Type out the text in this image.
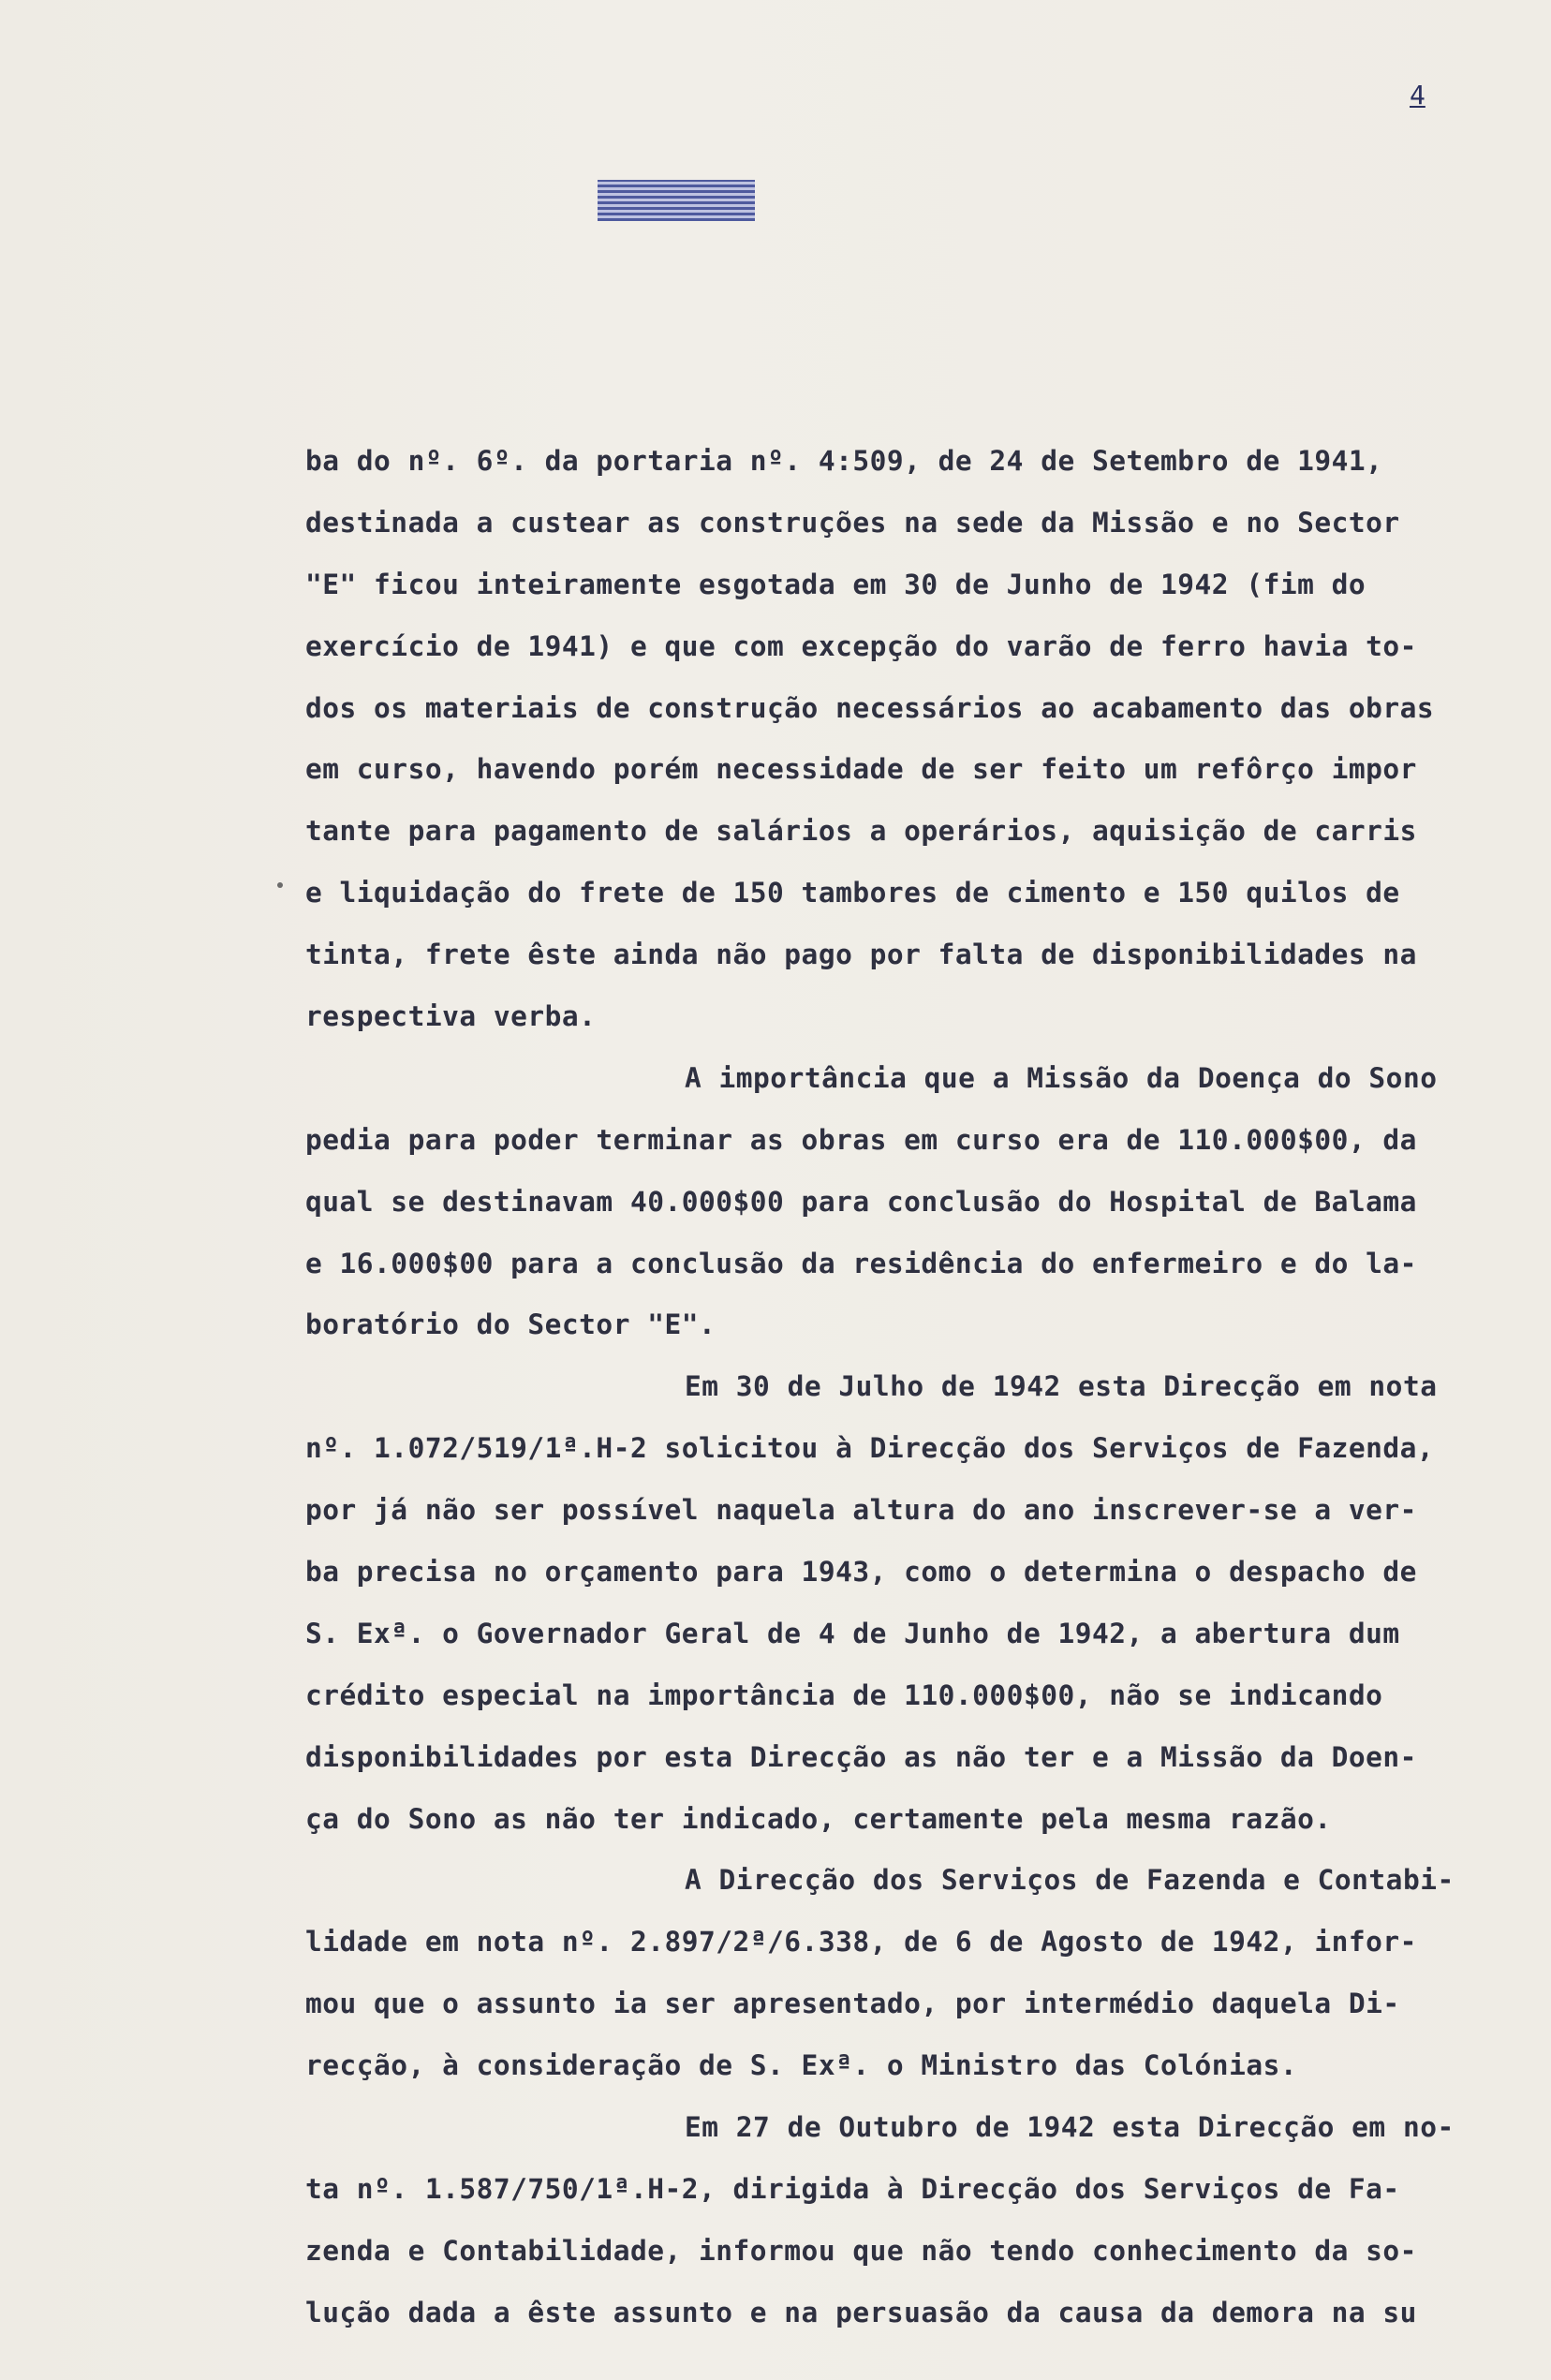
4
ba do nº. 6º. da portaria nº. 4:509, de 24 de Setembro de 1941,
destinada a custear as construções na sede da Missão e no Sector
"E" ficou inteiramente esgotada em 30 de Junho de 1942 (fim do
exercício de 1941) e que com excepção do varão de ferro havia to-
dos os materiais de construção necessários ao acabamento das obras
em curso, havendo porém necessidade de ser feito um refôrço impor
tante para pagamento de salários a operários, aquisição de carris
e liquidação do frete de 150 tambores de cimento e 150 quilos de
tinta, frete êste ainda não pago por falta de disponibilidades na
respectiva verba.
A importância que a Missão da Doença do Sono
pedia para poder terminar as obras em curso era de 110.000$00, da
qual se destinavam 40.000$00 para conclusão do Hospital de Balama
e 16.000$00 para a conclusão da residência do enfermeiro e do la-
boratório do Sector "E".
Em 30 de Julho de 1942 esta Direcção em nota
nº. 1.072/519/1ª.H-2 solicitou à Direcção dos Serviços de Fazenda,
por já não ser possível naquela altura do ano inscrever-se a ver-
ba precisa no orçamento para 1943, como o determina o despacho de
S. Exª. o Governador Geral de 4 de Junho de 1942, a abertura dum
crédito especial na importância de 110.000$00, não se indicando
disponibilidades por esta Direcção as não ter e a Missão da Doen-
ça do Sono as não ter indicado, certamente pela mesma razão.
A Direcção dos Serviços de Fazenda e Contabi-
lidade em nota nº. 2.897/2ª/6.338, de 6 de Agosto de 1942, infor-
mou que o assunto ia ser apresentado, por intermédio daquela Di-
recção, à consideração de S. Exª. o Ministro das Colónias.
Em 27 de Outubro de 1942 esta Direcção em no-
ta nº. 1.587/750/1ª.H-2, dirigida à Direcção dos Serviços de Fa-
zenda e Contabilidade, informou que não tendo conhecimento da so-
lução dada a êste assunto e na persuasão da causa da demora na su
